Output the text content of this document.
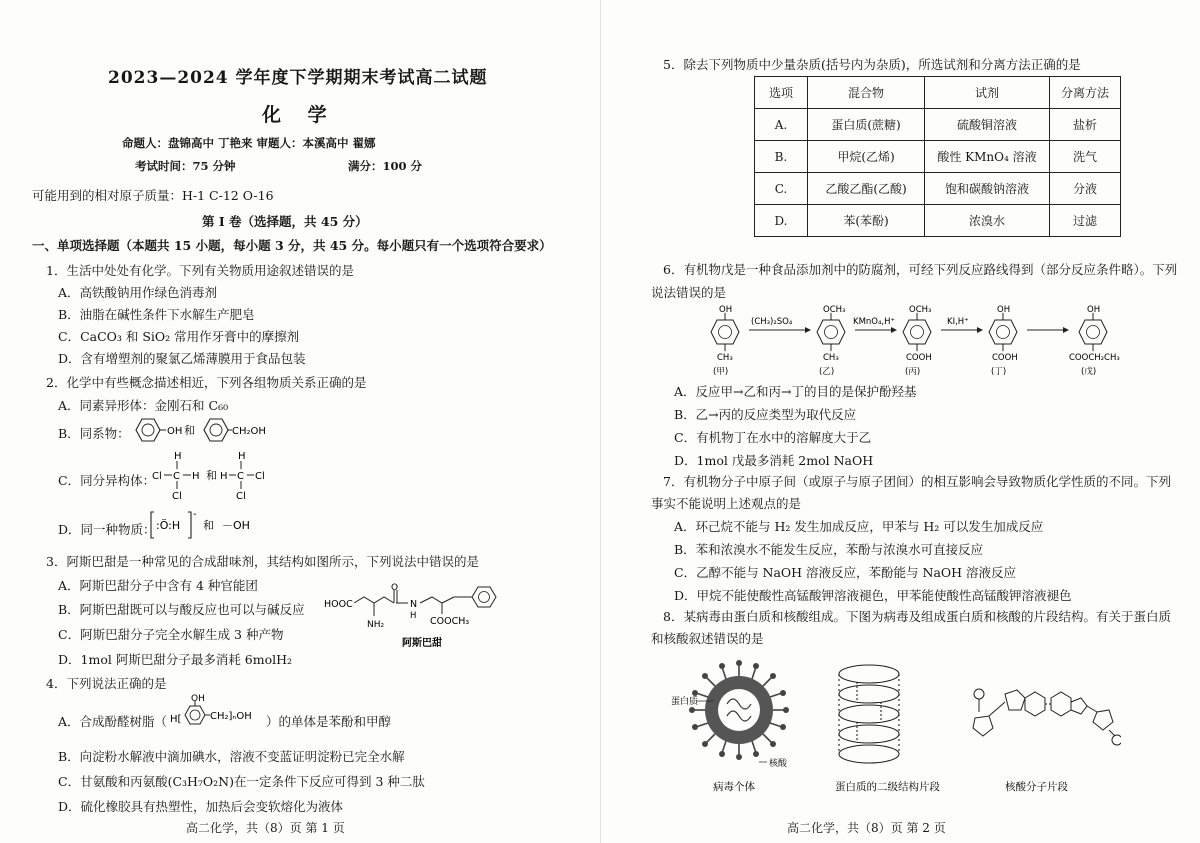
2023—2024 学年度下学期期末考试高二试题
化 学
命题人：盘锦高中 丁艳来 审题人：本溪高中 翟娜
考试时间：75 分钟	满分：100 分
可能用到的相对原子质量：H-1 C-12 O-16
第 Ⅰ 卷（选择题，共 45 分）
一、单项选择题（本题共 15 小题，每小题 3 分，共 45 分。每小题只有一个选项符合要求）
1．生活中处处有化学。下列有关物质用途叙述错误的是
A．高铁酸钠用作绿色消毒剂
B．油脂在碱性条件下水解生产肥皂
C．CaCO₃ 和 SiO₂ 常用作牙膏中的摩擦剂
D．含有增塑剂的聚氯乙烯薄膜用于食品包装
2．化学中有些概念描述相近，下列各组物质关系正确的是
A．同素异形体：金刚石和 C₆₀
B．同系物：	OH 和	CH₂OH
C．同分异构体：
Cl C H
H
Cl
和 H C Cl
H
Cl
D．同一种物质： :Ö:H
-
和 －OH
3．阿斯巴甜是一种常见的合成甜味剂，其结构如图所示，下列说法中错误的是
A．阿斯巴甜分子中含有 4 种官能团
B．阿斯巴甜既可以与酸反应也可以与碱反应
C．阿斯巴甜分子完全水解生成 3 种产物
D．1mol 阿斯巴甜分子最多消耗 6molH₂
HOOC
NH₂
O
N
H COOCH₃
阿斯巴甜
4．下列说法正确的是
A．合成酚醛树脂（ H[
OH
CH₂]ₙOH ）的单体是苯酚和甲醇
B．向淀粉水解液中滴加碘水，溶液不变蓝证明淀粉已完全水解
C．甘氨酸和丙氨酸(C₃H₇O₂N)在一定条件下反应可得到 3 种二肽
D．硫化橡胶具有热塑性，加热后会变软熔化为液体
高二化学，共（8）页 第 1 页
5．除去下列物质中少量杂质(括号内为杂质)，所选试剂和分离方法正确的是
选项	混合物	试剂	分离方法
A.	蛋白质(蔗糖)	硫酸铜溶液	盐析
B.	甲烷(乙烯)	酸性 KMnO₄ 溶液	洗气
C.	乙酸乙酯(乙酸)	饱和碳酸钠溶液	分液
D.	苯(苯酚)	浓溴水	过滤
6．有机物戊是一种食品添加剂中的防腐剂，可经下列反应路线得到（部分反应条件略）。下列
说法错误的是
OH
CH₃
(甲)
(CH₃)₂SO₄
OCH₃
CH₃
(乙)
KMnO₄,H⁺
OCH₃
COOH
(丙)
KI,H⁺
OH
COOH
(丁)
OH
COOCH₂CH₃
(戊)
A．反应甲→乙和丙→丁的目的是保护酚羟基
B．乙→丙的反应类型为取代反应
C．有机物丁在水中的溶解度大于乙
D．1mol 戊最多消耗 2mol NaOH
7．有机物分子中原子间（或原子与原子团间）的相互影响会导致物质化学性质的不同。下列
事实不能说明上述观点的是
A．环己烷不能与 H₂ 发生加成反应，甲苯与 H₂ 可以发生加成反应
B．苯和浓溴水不能发生反应，苯酚与浓溴水可直接反应
C．乙醇不能与 NaOH 溶液反应，苯酚能与 NaOH 溶液反应
D．甲烷不能使酸性高锰酸钾溶液褪色，甲苯能使酸性高锰酸钾溶液褪色
8．某病毒由蛋白质和核酸组成。下图为病毒及组成蛋白质和核酸的片段结构。有关于蛋白质
和核酸叙述错误的是
蛋白质
核酸
病毒个体	蛋白质的二级结构片段	核酸分子片段
高二化学，共（8）页 第 2 页
